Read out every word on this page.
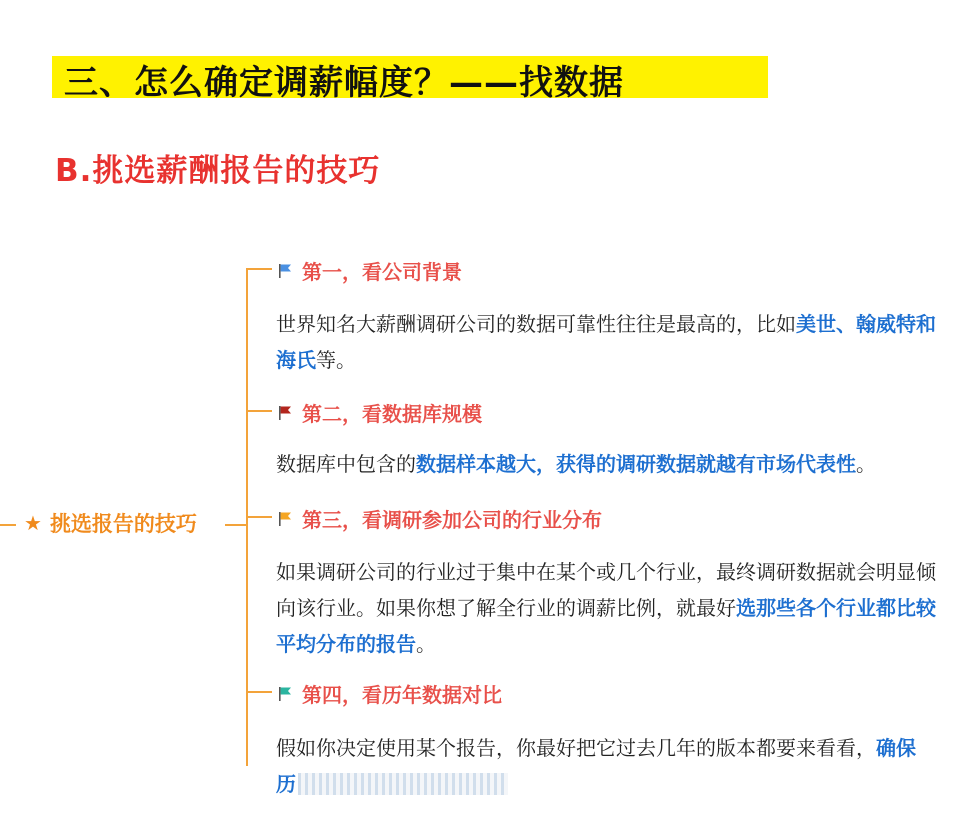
三、怎么确定调薪幅度？——找数据
B.挑选薪酬报告的技巧
★ 挑选报告的技巧
第一，看公司背景
世界知名大薪酬调研公司的数据可靠性往往是最高的，比如美世、翰威特和海氏等。
第二，看数据库规模
数据库中包含的数据样本越大，获得的调研数据就越有市场代表性。
第三，看调研参加公司的行业分布
如果调研公司的行业过于集中在某个或几个行业，最终调研数据就会明显倾向该行业。如果你想了解全行业的调薪比例，就最好选那些各个行业都比较平均分布的报告。
第四，看历年数据对比
假如你决定使用某个报告，你最好把它过去几年的版本都要来看看，确保历
